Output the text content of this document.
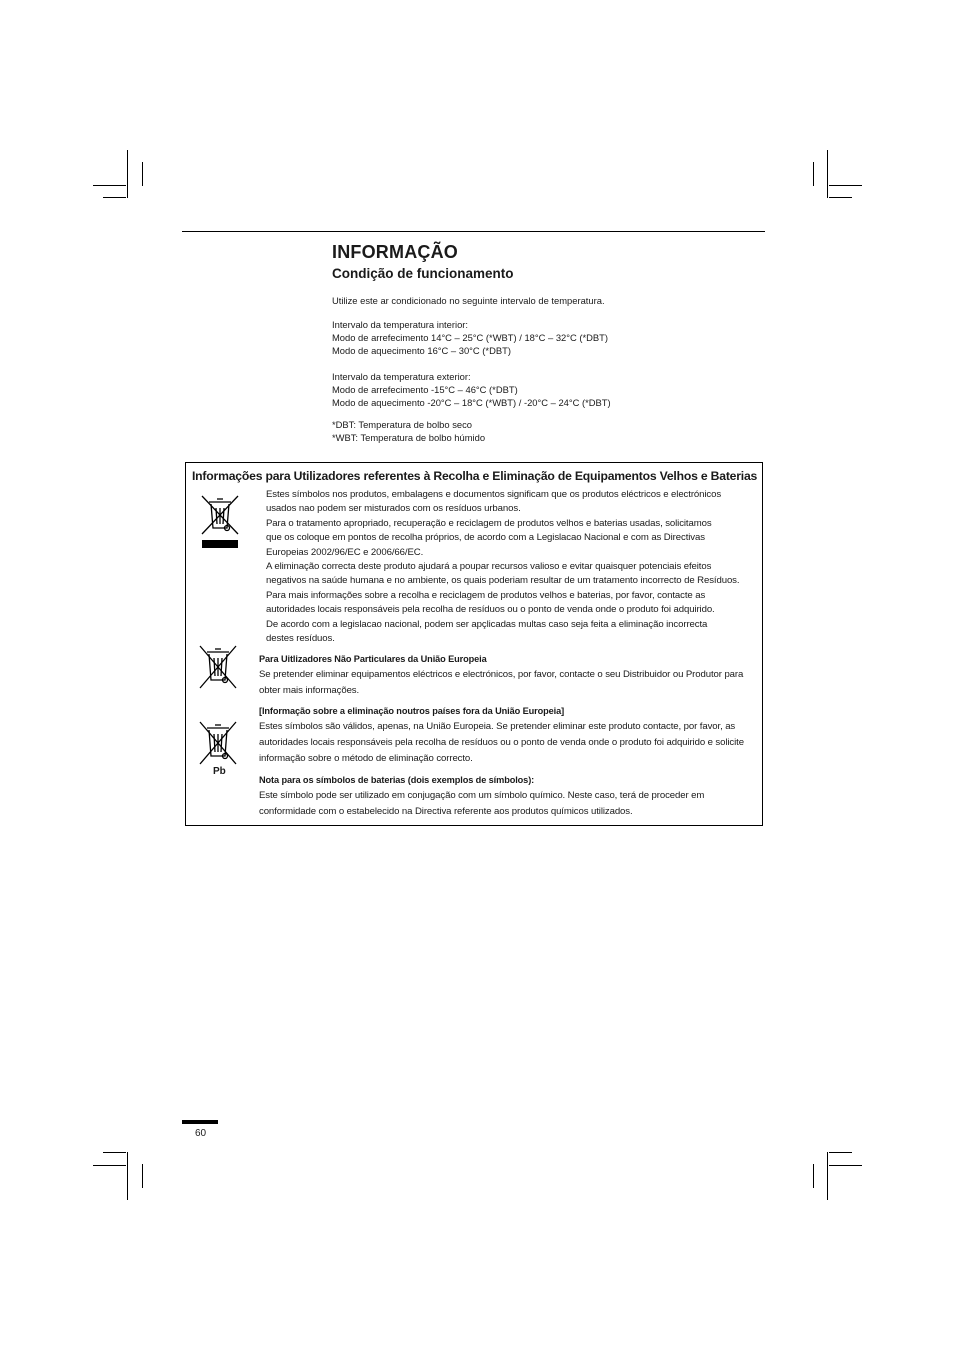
INFORMAÇÃO
Condição de funcionamento
Utilize este ar condicionado no seguinte intervalo de temperatura.
Intervalo da temperatura interior:
Modo de arrefecimento 14°C – 25°C (*WBT) / 18°C – 32°C (*DBT)
Modo de aquecimento 16°C – 30°C (*DBT)
Intervalo da temperatura exterior:
Modo de arrefecimento -15°C – 46°C (*DBT)
Modo de aquecimento -20°C – 18°C (*WBT) / -20°C – 24°C (*DBT)
*DBT: Temperatura de bolbo seco
*WBT: Temperatura de bolbo húmido
Informações para Utilizadores referentes à Recolha e Eliminação de Equipamentos Velhos e Baterias
Pb
Estes símbolos nos produtos, embalagens e documentos significam que os produtos eléctricos e electrónicos
usados nao podem ser misturados com os resíduos urbanos.
Para o tratamento apropriado, recuperação e reciclagem de produtos velhos e baterias usadas, solicitamos
que os coloque em pontos de recolha próprios, de acordo com a Legislacao Nacional e com as Directivas
Europeias 2002/96/EC e 2006/66/EC.
A eliminação correcta deste produto ajudará a poupar recursos valioso e evitar quaisquer potenciais efeitos
negativos na saúde humana e no ambiente, os quais poderiam resultar de um tratamento incorrecto de Resíduos.
Para mais informações sobre a recolha e reciclagem de produtos velhos e baterias, por favor, contacte as
autoridades locais responsáveis pela recolha de resíduos ou o ponto de venda onde o produto foi adquirido.
De acordo com a legislacao nacional, podem ser apçlicadas multas caso seja feita a eliminação incorrecta
destes resíduos.
Para Uitlizadores Não Particulares da União Europeia
Se pretender eliminar equipamentos eléctricos e electrónicos, por favor, contacte o seu Distribuidor ou Produtor para
obter mais informações.
[Informação sobre a eliminação noutros países fora da União Europeia]
Estes símbolos são válidos, apenas, na União Europeia. Se pretender eliminar este produto contacte, por favor, as
autoridades locais responsáveis pela recolha de resíduos ou o ponto de venda onde o produto foi adquirido e solicite
informação sobre o método de eliminação correcto.
Nota para os símbolos de baterias (dois exemplos de símbolos):
Este símbolo pode ser utilizado em conjugação com um símbolo químico. Neste caso, terá de proceder em
conformidade com o estabelecido na Directiva referente aos produtos químicos utilizados.
60
